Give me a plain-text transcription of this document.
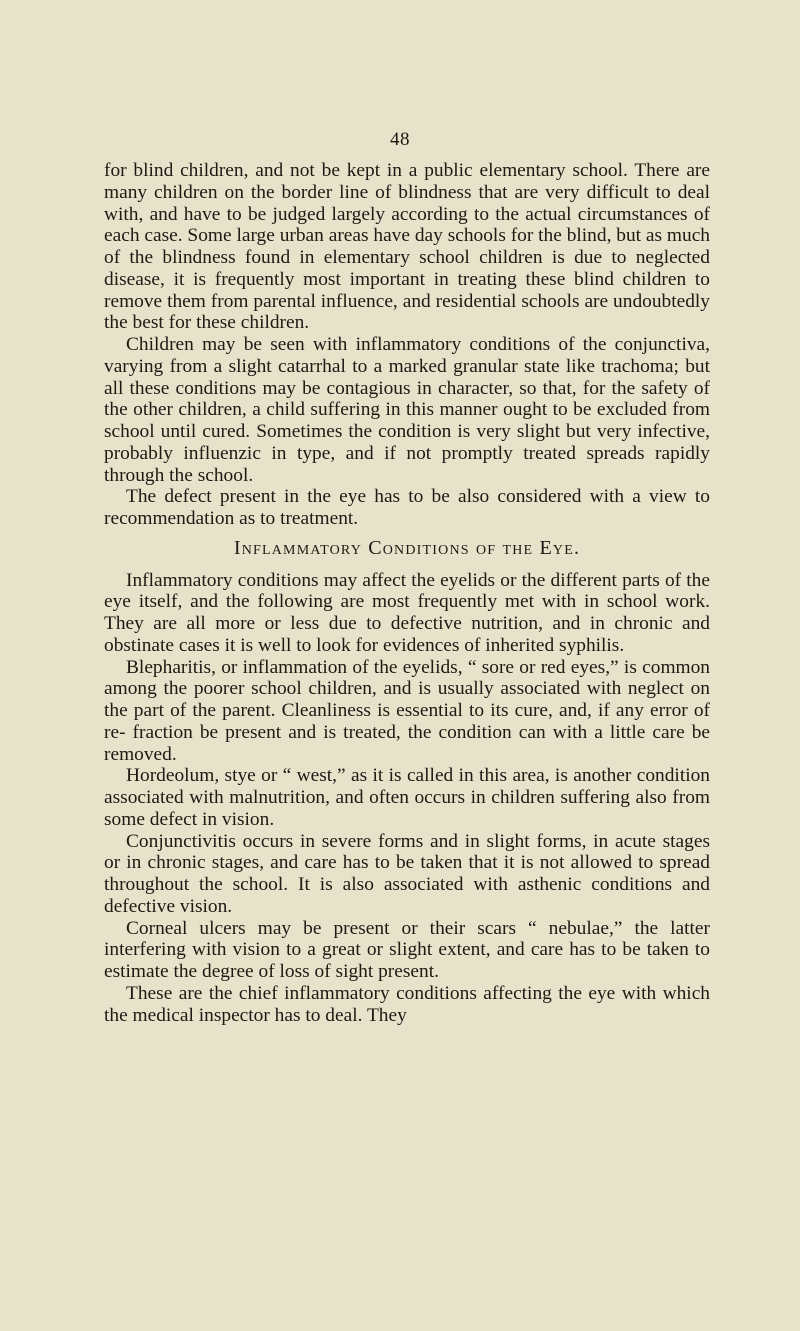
48

for blind children, and not be kept in a public elementary school. There are many children on the border line of blindness that are very difficult to deal with, and have to be judged largely according to the actual circumstances of each case. Some large urban areas have day schools for the blind, but as much of the blindness found in elementary school children is due to neglected disease, it is frequently most important in treating these blind children to remove them from parental influence, and residential schools are undoubtedly the best for these children.

Children may be seen with inflammatory conditions of the conjunctiva, varying from a slight catarrhal to a marked granular state like trachoma; but all these conditions may be contagious in character, so that, for the safety of the other children, a child suffering in this manner ought to be excluded from school until cured. Sometimes the condition is very slight but very infective, probably influenzic in type, and if not promptly treated spreads rapidly through the school.

The defect present in the eye has to be also considered with a view to recommendation as to treatment.

Inflammatory Conditions of the Eye.

Inflammatory conditions may affect the eyelids or the different parts of the eye itself, and the following are most frequently met with in school work. They are all more or less due to defective nutrition, and in chronic and obstinate cases it is well to look for evidences of inherited syphilis.

Blepharitis, or inflammation of the eyelids, “ sore or red eyes,” is common among the poorer school children, and is usually associated with neglect on the part of the parent. Cleanliness is essential to its cure, and, if any error of re- fraction be present and is treated, the condition can with a little care be removed.

Hordeolum, stye or “ west,” as it is called in this area, is another condition associated with malnutrition, and often occurs in children suffering also from some defect in vision.

Conjunctivitis occurs in severe forms and in slight forms, in acute stages or in chronic stages, and care has to be taken that it is not allowed to spread throughout the school. It is also associated with asthenic conditions and defective vision.

Corneal ulcers may be present or their scars “ nebulae,” the latter interfering with vision to a great or slight extent, and care has to be taken to estimate the degree of loss of sight present.

These are the chief inflammatory conditions affecting the eye with which the medical inspector has to deal. They
